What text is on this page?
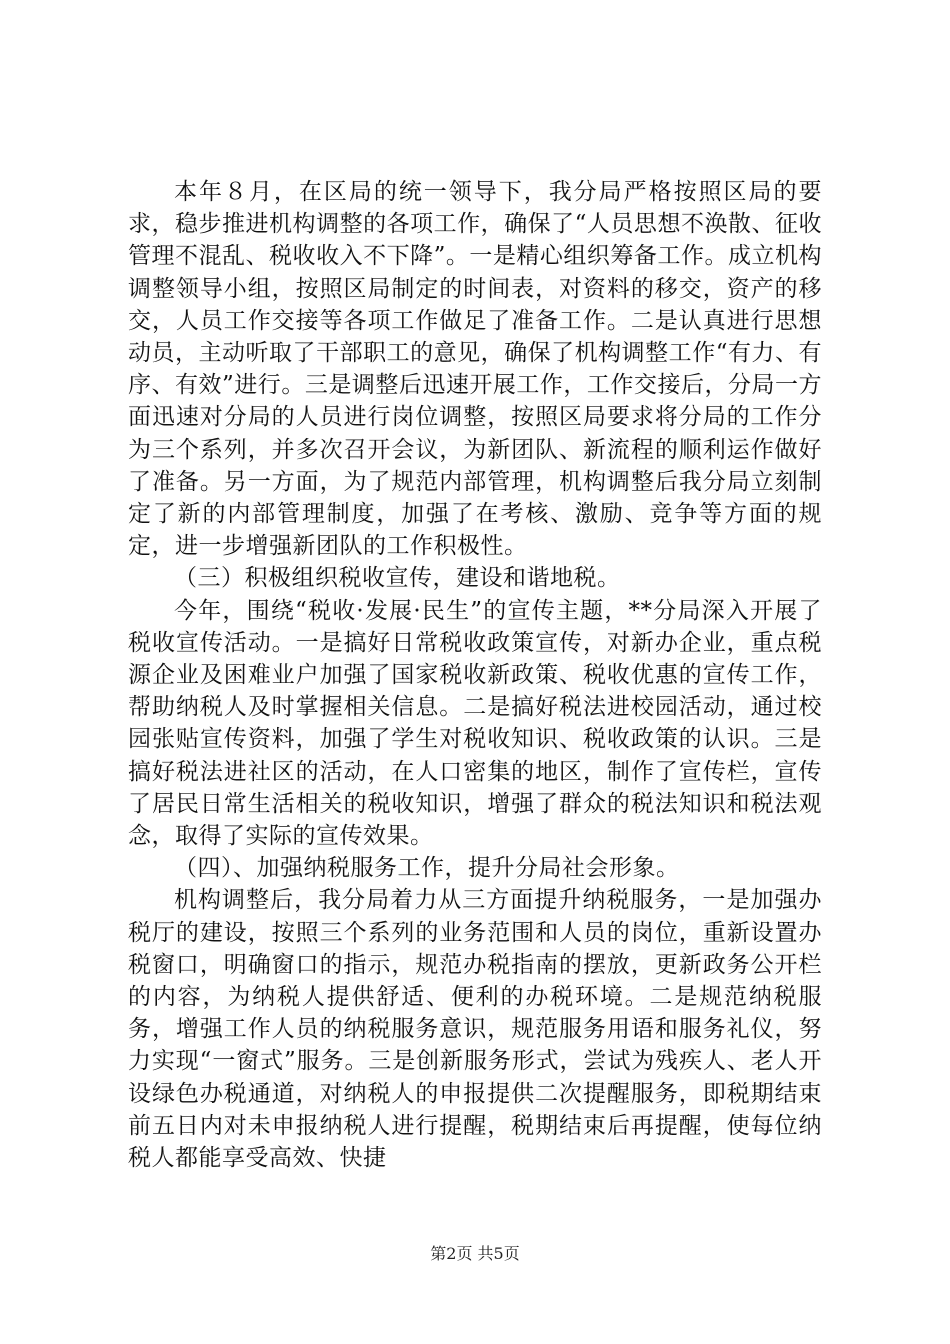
本年８月，在区局的统一领导下，我分局严格按照区局的要求，稳步推进机构调整的各项工作，确保了“人员思想不涣散、征收管理不混乱、税收收入不下降”。一是精心组织筹备工作。成立机构调整领导小组，按照区局制定的时间表，对资料的移交，资产的移交，人员工作交接等各项工作做足了准备工作。二是认真进行思想动员，主动听取了干部职工的意见，确保了机构调整工作“有力、有序、有效”进行。三是调整后迅速开展工作，工作交接后，分局一方面迅速对分局的人员进行岗位调整，按照区局要求将分局的工作分为三个系列，并多次召开会议，为新团队、新流程的顺利运作做好了准备。另一方面，为了规范内部管理，机构调整后我分局立刻制定了新的内部管理制度，加强了在考核、激励、竞争等方面的规定，进一步增强新团队的工作积极性。

（三）积极组织税收宣传，建设和谐地税。

今年，围绕“税收·发展·民生”的宣传主题，**分局深入开展了税收宣传活动。一是搞好日常税收政策宣传，对新办企业，重点税源企业及困难业户加强了国家税收新政策、税收优惠的宣传工作，帮助纳税人及时掌握相关信息。二是搞好税法进校园活动，通过校园张贴宣传资料，加强了学生对税收知识、税收政策的认识。三是搞好税法进社区的活动，在人口密集的地区，制作了宣传栏，宣传了居民日常生活相关的税收知识，增强了群众的税法知识和税法观念，取得了实际的宣传效果。

（四）、加强纳税服务工作，提升分局社会形象。

机构调整后，我分局着力从三方面提升纳税服务，一是加强办税厅的建设，按照三个系列的业务范围和人员的岗位，重新设置办税窗口，明确窗口的指示，规范办税指南的摆放，更新政务公开栏的内容，为纳税人提供舒适、便利的办税环境。二是规范纳税服务，增强工作人员的纳税服务意识，规范服务用语和服务礼仪，努力实现“一窗式”服务。三是创新服务形式，尝试为残疾人、老人开设绿色办税通道，对纳税人的申报提供二次提醒服务，即税期结束前五日内对未申报纳税人进行提醒，税期结束后再提醒，使每位纳税人都能享受高效、快捷

第2页 共5页
